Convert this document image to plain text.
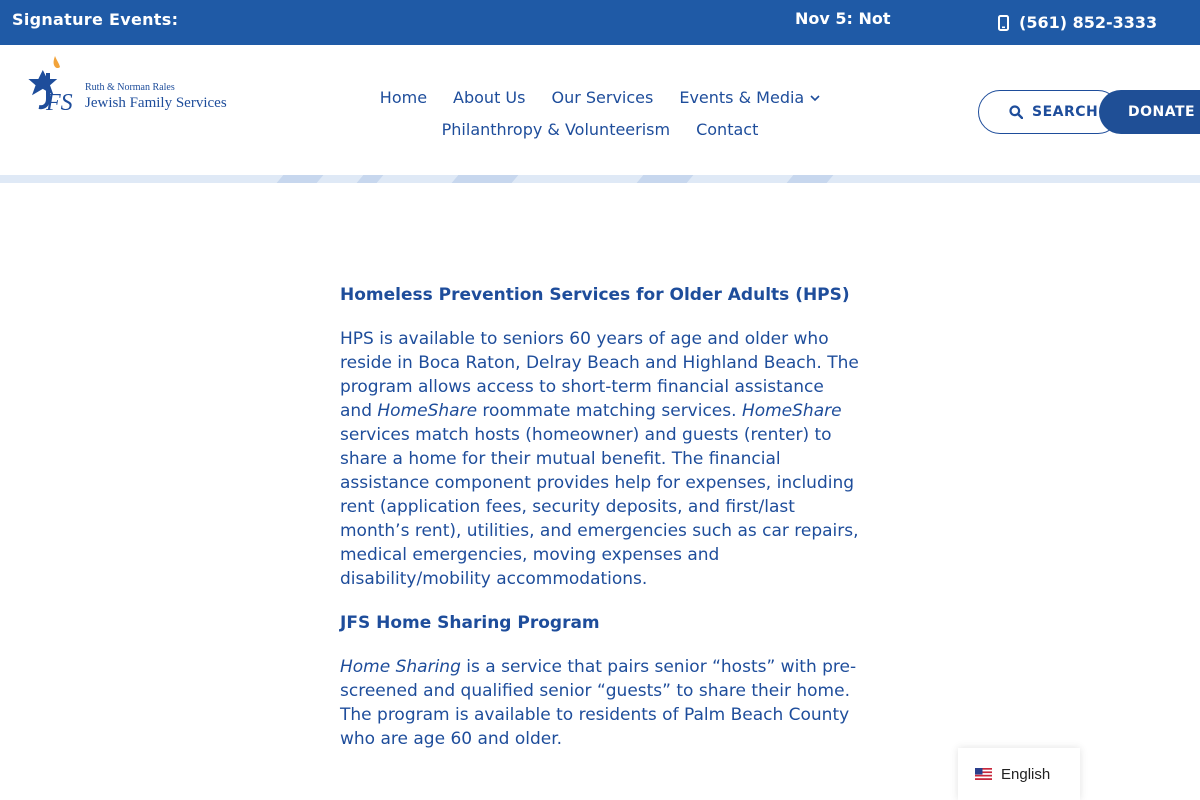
Signature Events:	Nov 5: Not	(561) 852-3333
FS
Ruth & Norman Rales
Jewish Family Services	Home About Us Our Services Events & Media
Philanthropy & Volunteerism Contact
SEARCH DONATE
Homeless Prevention Services for Older Adults (HPS)

HPS is available to seniors 60 years of age and older who reside in Boca Raton, Delray Beach and Highland Beach. The program allows access to short-term financial assistance and HomeShare roommate matching services. HomeShare services match hosts (homeowner) and guests (renter) to share a home for their mutual benefit. The financial assistance component provides help for expenses, including rent (application fees, security deposits, and first/last month’s rent), utilities, and emergencies such as car repairs, medical emergencies, moving expenses and disability/mobility accommodations.

JFS Home Sharing Program

Home Sharing is a service that pairs senior “hosts” with pre-screened and qualified senior “guests” to share their home. The program is available to residents of Palm Beach County who are age 60 and older.

English
